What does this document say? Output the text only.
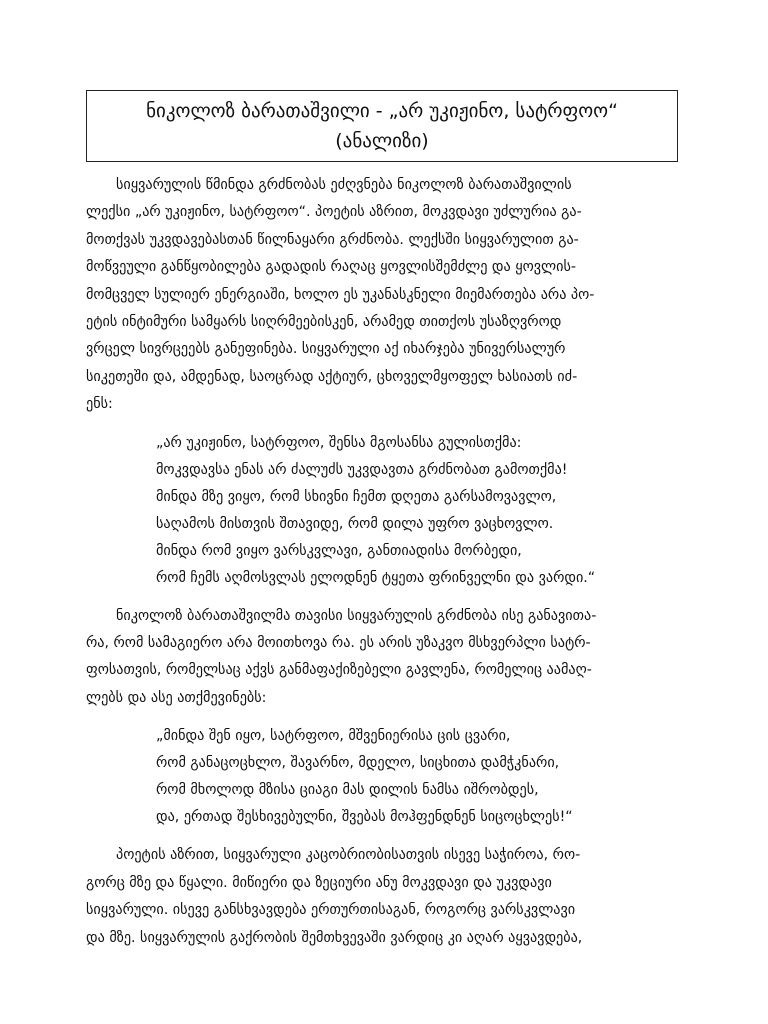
ნიკოლოზ ბარათაშვილი - „არ უკიჟინო, სატრფოო“
(ანალიზი)
სიყვარულის წმინდა გრძნობას ეძღვნება ნიკოლოზ ბარათაშვილის
ლექსი „არ უკიჟინო, სატრფოო“. პოეტის აზრით, მოკვდავი უძლურია გა-
მოთქვას უკვდავებასთან წილნაყარი გრძნობა. ლექსში სიყვარულით გა-
მოწვეული განწყობილება გადადის რაღაც ყოვლისშემძლე და ყოვლის-
მომცველ სულიერ ენერგიაში, ხოლო ეს უკანასკნელი მიემართება არა პო-
ეტის ინტიმური სამყარს სიღრმეებისკენ, არამედ თითქოს უსაზღვროდ
ვრცელ სივრცეებს განეფინება. სიყვარული აქ იხარჯება უნივერსალურ
სიკეთეში და, ამდენად, საოცრად აქტიურ, ცხოველმყოფელ ხასიათს იძ-
ენს:
„არ უკიჟინო, სატრფოო, შენსა მგოსანსა გულისთქმა:
მოკვდავსა ენას არ ძალუძს უკვდავთა გრძნობათ გამოთქმა!
მინდა მზე ვიყო, რომ სხივნი ჩემთ დღეთა გარსამოვავლო,
საღამოს მისთვის შთავიდე, რომ დილა უფრო ვაცხოვლო.
მინდა რომ ვიყო ვარსკვლავი, განთიადისა მორბედი,
რომ ჩემს აღმოსვლას ელოდნენ ტყეთა ფრინველნი და ვარდი.“
ნიკოლოზ ბარათაშვილმა თავისი სიყვარულის გრძნობა ისე განავითა-
რა, რომ სამაგიერო არა მოითხოვა რა. ეს არის უზაკვო მსხვერპლი სატრ-
ფოსათვის, რომელსაც აქვს განმაფაქიზებელი გავლენა, რომელიც აამაღ-
ლებს და ასე ათქმევინებს:
„მინდა შენ იყო, სატრფოო, მშვენიერისა ცის ცვარი,
რომ განაცოცხლო, შავარნო, მდელო, სიცხითა დამჭკნარი,
რომ მხოლოდ მზისა ციაგი მას დილის ნამსა იშრობდეს,
და, ერთად შესხივებულნი, შვებას მოჰფენდნენ სიცოცხლეს!“
პოეტის აზრით, სიყვარული კაცობრიობისათვის ისევე საჭიროა, რო-
გორც მზე და წყალი. მიწიერი და ზეციური ანუ მოკვდავი და უკვდავი
სიყვარული. ისევე განსხვავდება ერთურთისაგან, როგორც ვარსკვლავი
და მზე. სიყვარულის გაქრობის შემთხვევაში ვარდიც კი აღარ აყვავდება,
